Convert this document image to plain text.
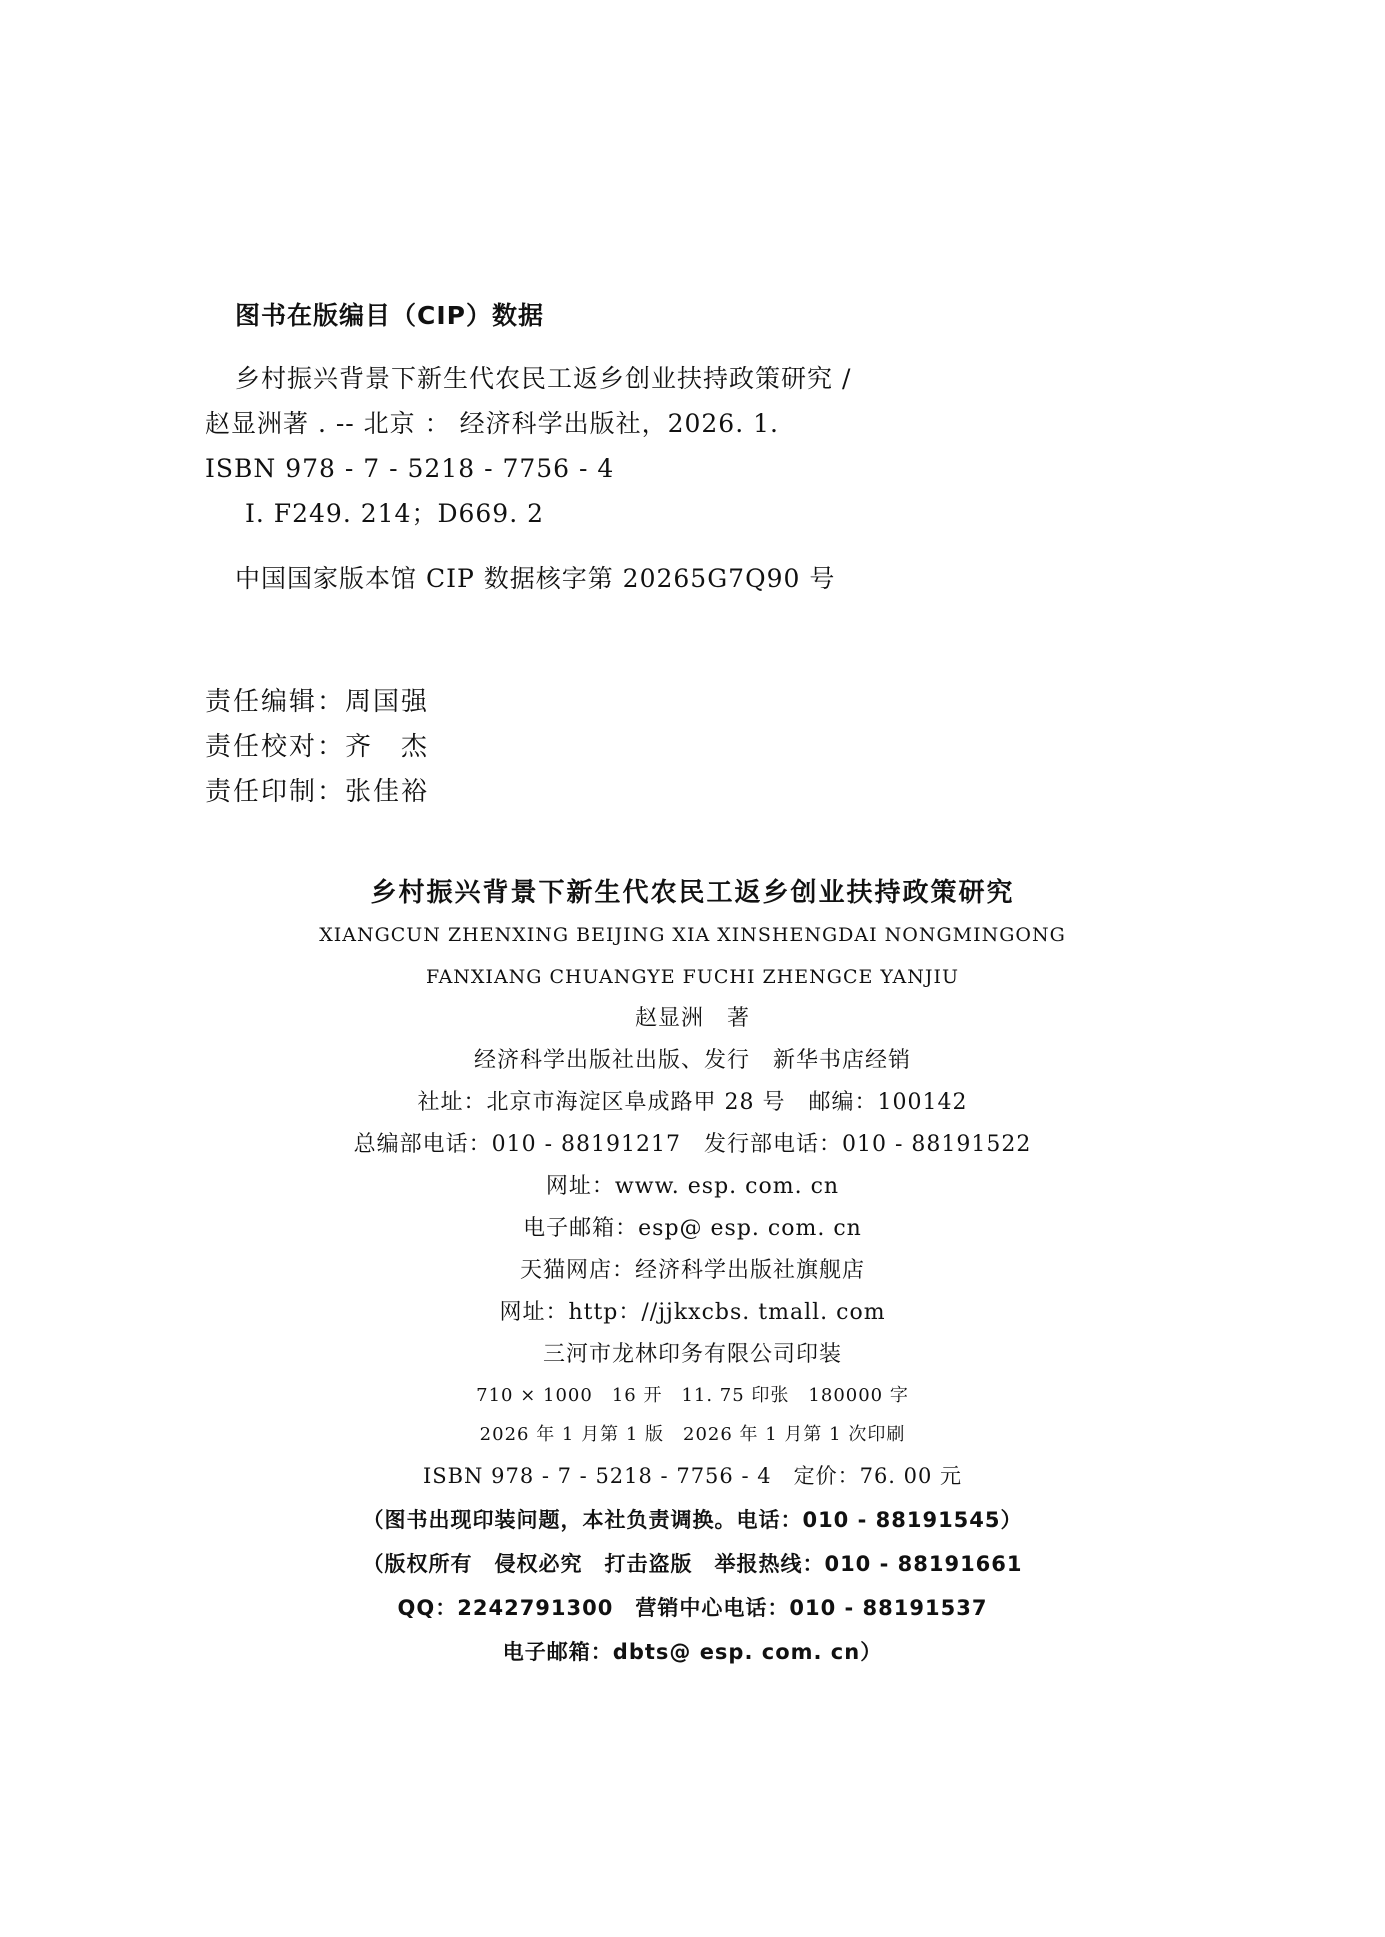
图书在版编目（CIP）数据
乡村振兴背景下新生代农民工返乡创业扶持政策研究 /
赵显洲著 . -- 北京 ： 经济科学出版社，2026. 1.
ISBN 978 - 7 - 5218 - 7756 - 4
Ⅰ. F249. 214；D669. 2
中国国家版本馆 CIP 数据核字第 20265G7Q90 号
责任编辑：周国强
责任校对：齐　杰
责任印制：张佳裕
乡村振兴背景下新生代农民工返乡创业扶持政策研究
XIANGCUN ZHENXING BEIJING XIA XINSHENGDAI NONGMINGONG
FANXIANG CHUANGYE FUCHI ZHENGCE YANJIU
赵显洲　著
经济科学出版社出版、发行　新华书店经销
社址：北京市海淀区阜成路甲 28 号　邮编：100142
总编部电话：010 - 88191217　发行部电话：010 - 88191522
网址：www. esp. com. cn
电子邮箱：esp@ esp. com. cn
天猫网店：经济科学出版社旗舰店
网址：http：//jjkxcbs. tmall. com
三河市龙林印务有限公司印装
710 × 1000　16 开　11. 75 印张　180000 字
2026 年 1 月第 1 版　2026 年 1 月第 1 次印刷
ISBN 978 - 7 - 5218 - 7756 - 4　定价：76. 00 元
（图书出现印装问题，本社负责调换。电话：010 - 88191545）
（版权所有　侵权必究　打击盗版　举报热线：010 - 88191661
QQ：2242791300　营销中心电话：010 - 88191537
电子邮箱：dbts@ esp. com. cn）
